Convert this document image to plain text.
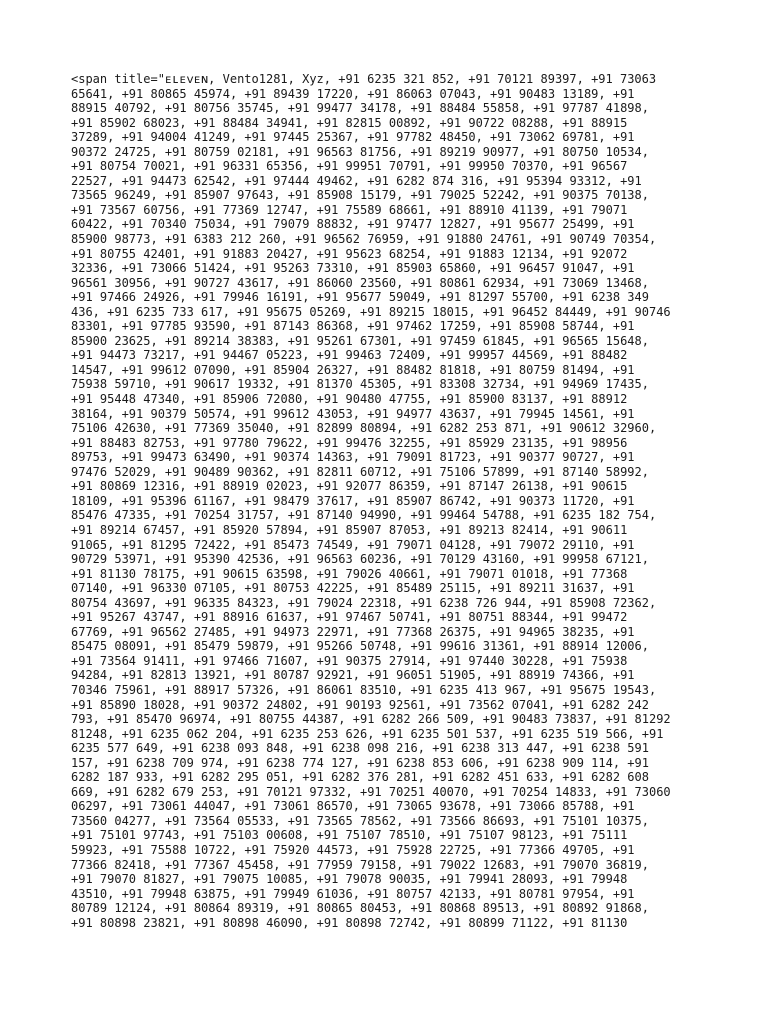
<span title="ᴇʟᴇᴠᴇɴ, Vento1281, Xyz, +91 6235 321 852, +91 70121 89397, +91 73063
65641, +91 80865 45974, +91 89439 17220, +91 86063 07043, +91 90483 13189, +91
88915 40792, +91 80756 35745, +91 99477 34178, +91 88484 55858, +91 97787 41898,
+91 85902 68023, +91 88484 34941, +91 82815 00892, +91 90722 08288, +91 88915
37289, +91 94004 41249, +91 97445 25367, +91 97782 48450, +91 73062 69781, +91
90372 24725, +91 80759 02181, +91 96563 81756, +91 89219 90977, +91 80750 10534,
+91 80754 70021, +91 96331 65356, +91 99951 70791, +91 99950 70370, +91 96567
22527, +91 94473 62542, +91 97444 49462, +91 6282 874 316, +91 95394 93312, +91
73565 96249, +91 85907 97643, +91 85908 15179, +91 79025 52242, +91 90375 70138,
+91 73567 60756, +91 77369 12747, +91 75589 68661, +91 88910 41139, +91 79071
60422, +91 70340 75034, +91 79079 88832, +91 97477 12827, +91 95677 25499, +91
85900 98773, +91 6383 212 260, +91 96562 76959, +91 91880 24761, +91 90749 70354,
+91 80755 42401, +91 91883 20427, +91 95623 68254, +91 91883 12134, +91 92072
32336, +91 73066 51424, +91 95263 73310, +91 85903 65860, +91 96457 91047, +91
96561 30956, +91 90727 43617, +91 86060 23560, +91 80861 62934, +91 73069 13468,
+91 97466 24926, +91 79946 16191, +91 95677 59049, +91 81297 55700, +91 6238 349
436, +91 6235 733 617, +91 95675 05269, +91 89215 18015, +91 96452 84449, +91 90746
83301, +91 97785 93590, +91 87143 86368, +91 97462 17259, +91 85908 58744, +91
85900 23625, +91 89214 38383, +91 95261 67301, +91 97459 61845, +91 96565 15648,
+91 94473 73217, +91 94467 05223, +91 99463 72409, +91 99957 44569, +91 88482
14547, +91 99612 07090, +91 85904 26327, +91 88482 81818, +91 80759 81494, +91
75938 59710, +91 90617 19332, +91 81370 45305, +91 83308 32734, +91 94969 17435,
+91 95448 47340, +91 85906 72080, +91 90480 47755, +91 85900 83137, +91 88912
38164, +91 90379 50574, +91 99612 43053, +91 94977 43637, +91 79945 14561, +91
75106 42630, +91 77369 35040, +91 82899 80894, +91 6282 253 871, +91 90612 32960,
+91 88483 82753, +91 97780 79622, +91 99476 32255, +91 85929 23135, +91 98956
89753, +91 99473 63490, +91 90374 14363, +91 79091 81723, +91 90377 90727, +91
97476 52029, +91 90489 90362, +91 82811 60712, +91 75106 57899, +91 87140 58992,
+91 80869 12316, +91 88919 02023, +91 92077 86359, +91 87147 26138, +91 90615
18109, +91 95396 61167, +91 98479 37617, +91 85907 86742, +91 90373 11720, +91
85476 47335, +91 70254 31757, +91 87140 94990, +91 99464 54788, +91 6235 182 754,
+91 89214 67457, +91 85920 57894, +91 85907 87053, +91 89213 82414, +91 90611
91065, +91 81295 72422, +91 85473 74549, +91 79071 04128, +91 79072 29110, +91
90729 53971, +91 95390 42536, +91 96563 60236, +91 70129 43160, +91 99958 67121,
+91 81130 78175, +91 90615 63598, +91 79026 40661, +91 79071 01018, +91 77368
07140, +91 96330 07105, +91 80753 42225, +91 85489 25115, +91 89211 31637, +91
80754 43697, +91 96335 84323, +91 79024 22318, +91 6238 726 944, +91 85908 72362,
+91 95267 43747, +91 88916 61637, +91 97467 50741, +91 80751 88344, +91 99472
67769, +91 96562 27485, +91 94973 22971, +91 77368 26375, +91 94965 38235, +91
85475 08091, +91 85479 59879, +91 95266 50748, +91 99616 31361, +91 88914 12006,
+91 73564 91411, +91 97466 71607, +91 90375 27914, +91 97440 30228, +91 75938
94284, +91 82813 13921, +91 80787 92921, +91 96051 51905, +91 88919 74366, +91
70346 75961, +91 88917 57326, +91 86061 83510, +91 6235 413 967, +91 95675 19543,
+91 85890 18028, +91 90372 24802, +91 90193 92561, +91 73562 07041, +91 6282 242
793, +91 85470 96974, +91 80755 44387, +91 6282 266 509, +91 90483 73837, +91 81292
81248, +91 6235 062 204, +91 6235 253 626, +91 6235 501 537, +91 6235 519 566, +91
6235 577 649, +91 6238 093 848, +91 6238 098 216, +91 6238 313 447, +91 6238 591
157, +91 6238 709 974, +91 6238 774 127, +91 6238 853 606, +91 6238 909 114, +91
6282 187 933, +91 6282 295 051, +91 6282 376 281, +91 6282 451 633, +91 6282 608
669, +91 6282 679 253, +91 70121 97332, +91 70251 40070, +91 70254 14833, +91 73060
06297, +91 73061 44047, +91 73061 86570, +91 73065 93678, +91 73066 85788, +91
73560 04277, +91 73564 05533, +91 73565 78562, +91 73566 86693, +91 75101 10375,
+91 75101 97743, +91 75103 00608, +91 75107 78510, +91 75107 98123, +91 75111
59923, +91 75588 10722, +91 75920 44573, +91 75928 22725, +91 77366 49705, +91
77366 82418, +91 77367 45458, +91 77959 79158, +91 79022 12683, +91 79070 36819,
+91 79070 81827, +91 79075 10085, +91 79078 90035, +91 79941 28093, +91 79948
43510, +91 79948 63875, +91 79949 61036, +91 80757 42133, +91 80781 97954, +91
80789 12124, +91 80864 89319, +91 80865 80453, +91 80868 89513, +91 80892 91868,
+91 80898 23821, +91 80898 46090, +91 80898 72742, +91 80899 71122, +91 81130
